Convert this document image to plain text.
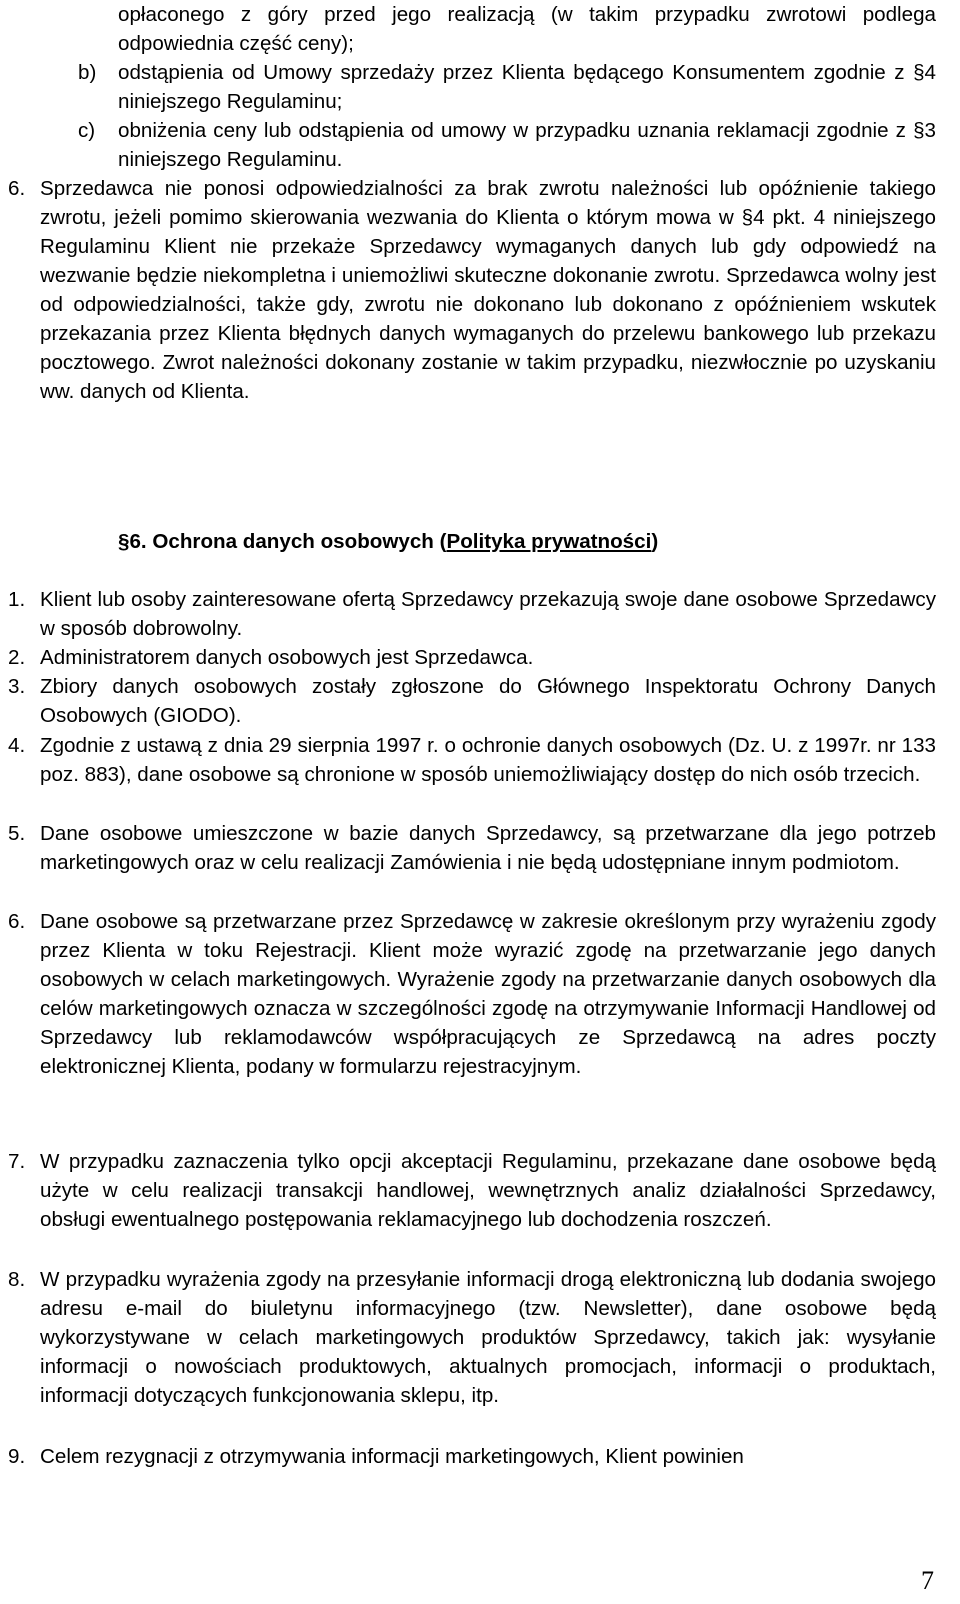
opłaconego z góry przed jego realizacją (w takim przypadku zwrotowi podlega odpowiednia część ceny);

b)	odstąpienia od Umowy sprzedaży przez Klienta będącego Konsumentem zgodnie z §4 niniejszego Regulaminu;

c)	obniżenia ceny lub odstąpienia od umowy w przypadku uznania reklamacji zgodnie z §3 niniejszego Regulaminu.

6. Sprzedawca nie ponosi odpowiedzialności za brak zwrotu należności lub opóźnienie takiego zwrotu, jeżeli pomimo skierowania wezwania do Klienta o którym mowa w §4 pkt. 4 niniejszego Regulaminu Klient nie przekaże Sprzedawcy wymaganych danych lub gdy odpowiedź na wezwanie będzie niekompletna i uniemożliwi skuteczne dokonanie zwrotu. Sprzedawca wolny jest od odpowiedzialności, także gdy, zwrotu nie dokonano lub dokonano z opóźnieniem wskutek przekazania przez Klienta błędnych danych wymaganych do przelewu bankowego lub przekazu pocztowego. Zwrot należności dokonany zostanie w takim przypadku, niezwłocznie po uzyskaniu ww. danych od Klienta.

§6. Ochrona danych osobowych (Polityka prywatności)

1. Klient lub osoby zainteresowane ofertą Sprzedawcy przekazują swoje dane osobowe Sprzedawcy w sposób dobrowolny.

2. Administratorem danych osobowych jest Sprzedawca.

3. Zbiory danych osobowych zostały zgłoszone do Głównego Inspektoratu Ochrony Danych Osobowych (GIODO).

4. Zgodnie z ustawą z dnia 29 sierpnia 1997 r. o ochronie danych osobowych (Dz. U. z 1997r. nr 133 poz. 883), dane osobowe są chronione w sposób uniemożliwiający dostęp do nich osób trzecich.

5. Dane osobowe umieszczone w bazie danych Sprzedawcy, są przetwarzane dla jego potrzeb marketingowych oraz w celu realizacji Zamówienia i nie będą udostępniane innym podmiotom.

6. Dane osobowe są przetwarzane przez Sprzedawcę w zakresie określonym przy wyrażeniu zgody przez Klienta w toku Rejestracji. Klient może wyrazić zgodę na przetwarzanie jego danych osobowych w celach marketingowych. Wyrażenie zgody na przetwarzanie danych osobowych dla celów marketingowych oznacza w szczególności zgodę na otrzymywanie Informacji Handlowej od Sprzedawcy lub reklamodawców współpracujących ze Sprzedawcą na adres poczty elektronicznej Klienta, podany w formularzu rejestracyjnym.

7. W przypadku zaznaczenia tylko opcji akceptacji Regulaminu, przekazane dane osobowe będą użyte w celu realizacji transakcji handlowej, wewnętrznych analiz działalności Sprzedawcy, obsługi ewentualnego postępowania reklamacyjnego lub dochodzenia roszczeń.

8. W przypadku wyrażenia zgody na przesyłanie informacji drogą elektroniczną lub dodania swojego adresu e-mail do biuletynu informacyjnego (tzw. Newsletter), dane osobowe będą wykorzystywane w celach marketingowych produktów Sprzedawcy, takich jak: wysyłanie informacji o nowościach produktowych, aktualnych promocjach, informacji o produktach, informacji dotyczących funkcjonowania sklepu, itp.

9. Celem rezygnacji z otrzymywania informacji marketingowych, Klient powinien

7
